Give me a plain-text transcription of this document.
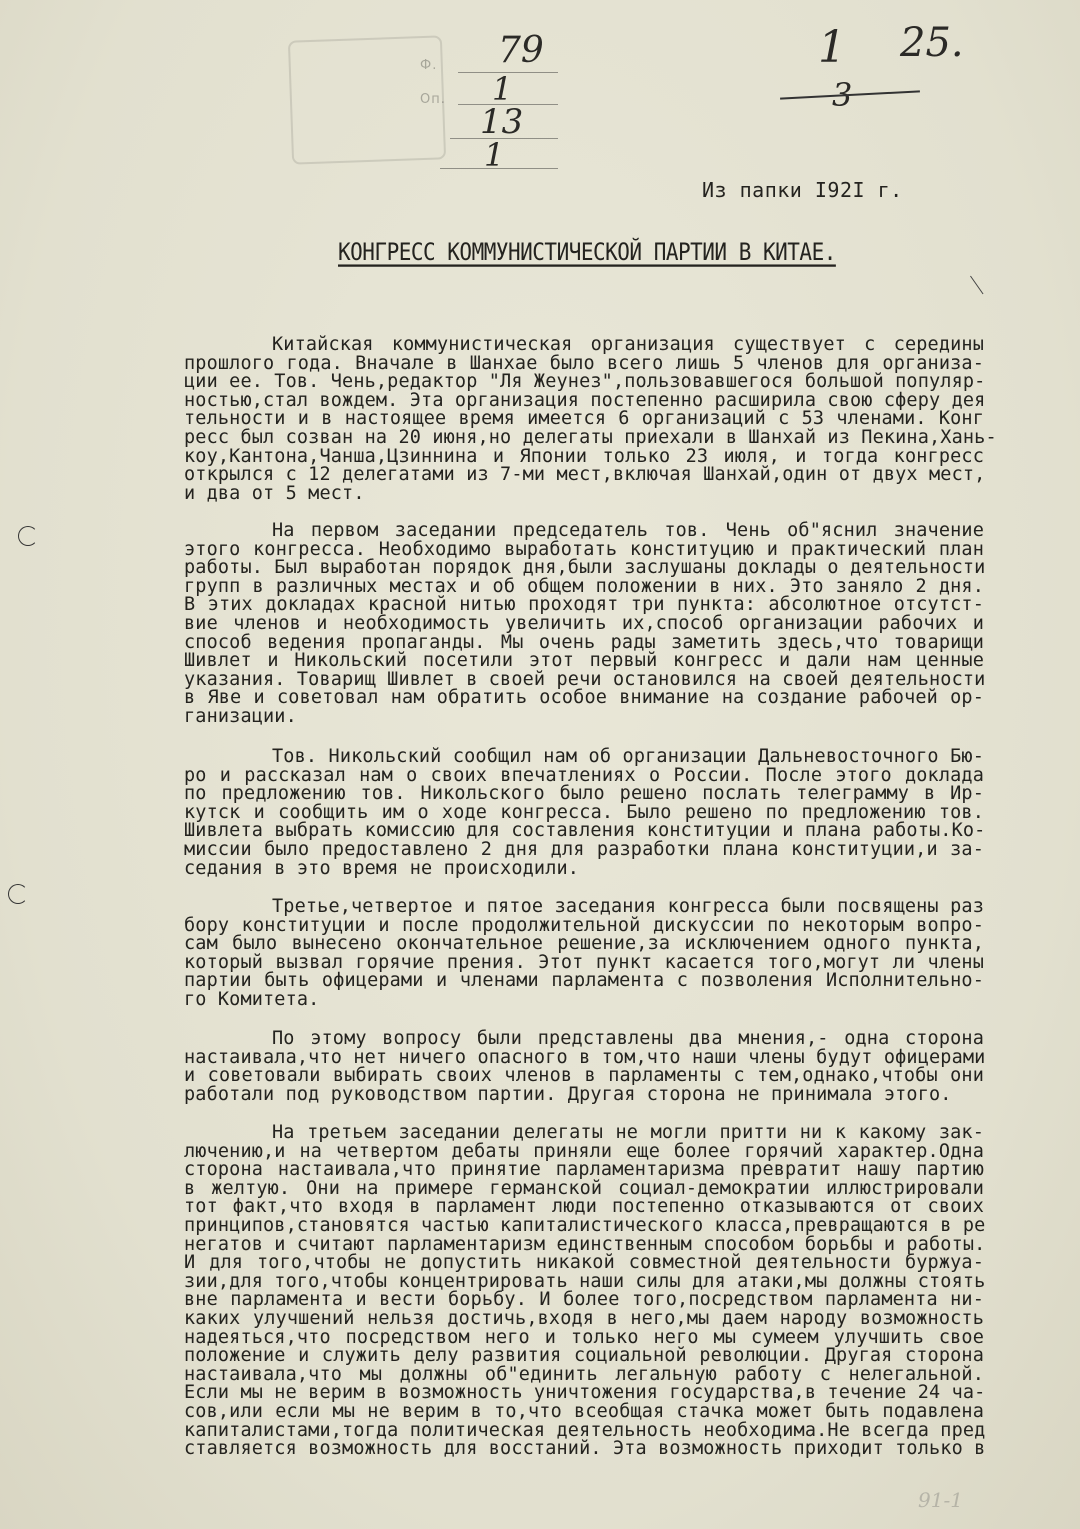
Ф.
Оп.
79
1
13
1
1 25.
Из папки I92I г.
КОНГРЕСС КОММУНИСТИЧЕСКОЙ ПАРТИИ В КИТАЕ.
Китайская коммунистическая организация существует с середины
прошлого года. Вначале в Шанхае было всего лишь 5 членов для организа-
ции ее. Тов. Чень,редактор "Ля Жеунез",пользовавшегося большой популяр-
ностью,стал вождем. Эта организация постепенно расширила свою сферу дея
тельности и в настоящее время имеется 6 организаций с 53 членами. Конг
ресс был созван на 20 июня,но делегаты приехали в Шанхай из Пекина,Хань-
коу,Кантона,Чанша,Цзиннина и Японии только 23 июля, и тогда конгресс
открылся с 12 делегатами из 7-ми мест,включая Шанхай,один от двух мест,
и два от 5 мест.
На первом заседании председатель тов. Чень об"яснил значение
этого конгресса. Необходимо выработать конституцию и практический план
работы. Был выработан порядок дня,были заслушаны доклады о деятельности
групп в различных местах и об общем положении в них. Это заняло 2 дня.
В этих докладах красной нитью проходят три пункта: абсолютное отсутст-
вие членов и необходимость увеличить их,способ организации рабочих и
способ ведения пропаганды. Мы очень рады заметить здесь,что товарищи
Шивлет и Никольский посетили этот первый конгресс и дали нам ценные
указания. Товарищ Шивлет в своей речи остановился на своей деятельности
в Яве и советовал нам обратить особое внимание на создание рабочей ор-
ганизации.
Тов. Никольский сообщил нам об организации Дальневосточного Бю-
ро и рассказал нам о своих впечатлениях о России. После этого доклада
по предложению тов. Никольского было решено послать телеграмму в Ир-
кутск и сообщить им о ходе конгресса. Было решено по предложению тов.
Шивлета выбрать комиссию для составления конституции и плана работы.Ко-
миссии было предоставлено 2 дня для разработки плана конституции,и за-
седания в это время не происходили.
Третье,четвертое и пятое заседания конгресса были посвящены раз
бору конституции и после продолжительной дискуссии по некоторым вопро-
сам было вынесено окончательное решение,за исключением одного пункта,
который вызвал горячие прения. Этот пункт касается того,могут ли члены
партии быть офицерами и членами парламента с позволения Исполнительно-
го Комитета.
По этому вопросу были представлены два мнения,- одна сторона
настаивала,что нет ничего опасного в том,что наши члены будут офицерами
и советовали выбирать своих членов в парламенты с тем,однако,чтобы они
работали под руководством партии. Другая сторона не принимала этого.
На третьем заседании делегаты не могли притти ни к какому зак-
лючению,и на четвертом дебаты приняли еще более горячий характер.Одна
сторона настаивала,что принятие парламентаризма превратит нашу партию
в желтую. Они на примере германской социал-демократии иллюстрировали
тот факт,что входя в парламент люди постепенно отказываются от своих
принципов,становятся частью капиталистического класса,превращаются в ре
негатов и считают парламентаризм единственным способом борьбы и работы.
И для того,чтобы не допустить никакой совместной деятельности буржуа-
зии,для того,чтобы концентрировать наши силы для атаки,мы должны стоять
вне парламента и вести борьбу. И более того,посредством парламента ни-
каких улучшений нельзя достичь,входя в него,мы даем народу возможность
надеяться,что посредством него и только него мы сумеем улучшить свое
положение и служить делу развития социальной революции. Другая сторона
настаивала,что мы должны об"единить легальную работу с нелегальной.
Если мы не верим в возможность уничтожения государства,в течение 24 ча-
сов,или если мы не верим в то,что всеобщая стачка может быть подавлена
капиталистами,тогда политическая деятельность необходима.Не всегда пред
ставляется возможность для восстаний. Эта возможность приходит только в
91-1
